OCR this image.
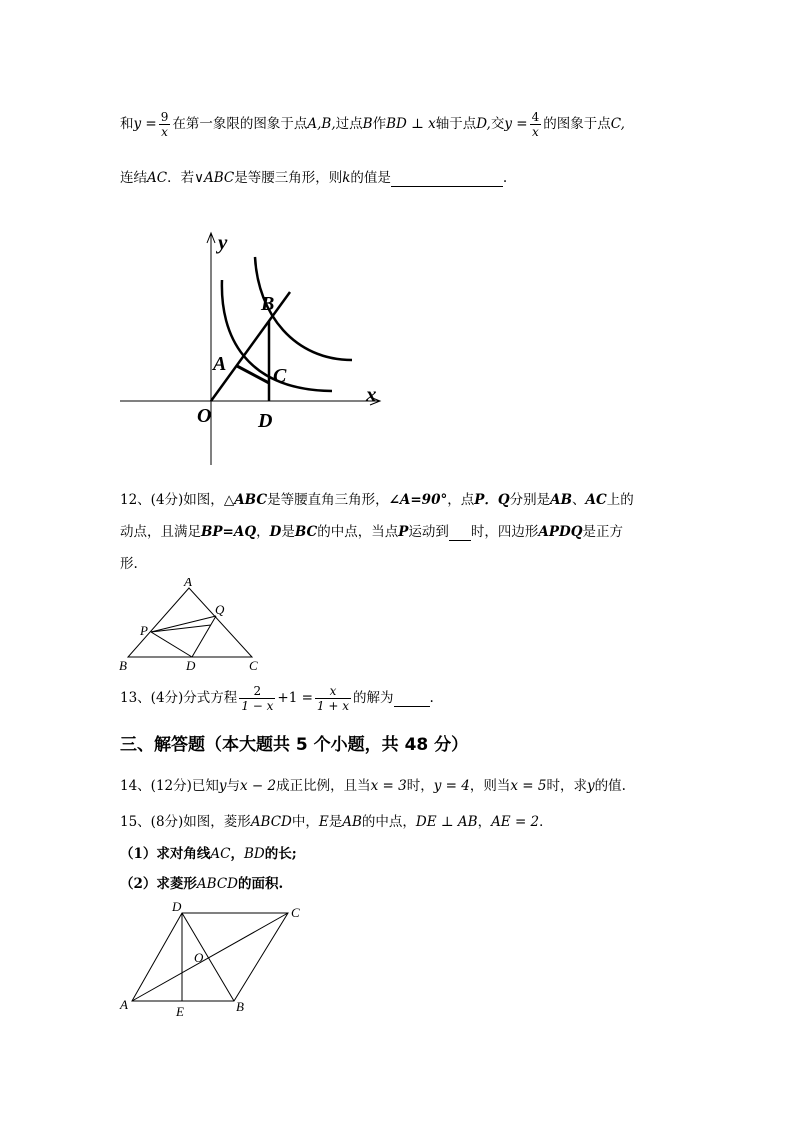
和$y = \frac{9}{x}$ 在第一象限的图象于点A,B,过点B作BD ⊥ x轴于点D,交$y = \frac{4}{x}$ 的图象于点C,
连结AC．若∨ABC是等腰三角形，则k的值是	.
y
x
O
A
B
C
D
12、(4分)如图，△ABC是等腰直角三角形，∠A=90°，点P．Q分别是AB、AC上的
动点，且满足BP=AQ，D是BC的中点，当点P运动到 时，四边形APDQ是正方
形.
A
Q
P
B	D	C
13、(4分)分式方程 $\frac{2}{1 - x} +1 = \frac{x}{1 + x}$ 的解为	.
三、解答题（本大题共 5 个小题，共 48 分）
14、(12分)已知y与x − 2成正比例，且当x = 3时，y = 4，则当x = 5时，求y的值.
15、(8分)如图，菱形ABCD中，E是AB的中点，DE ⊥ AB，AE = 2．
（1）求对角线AC，BD的长;
（2）求菱形ABCD的面积.
D	C
O
A	E	B
